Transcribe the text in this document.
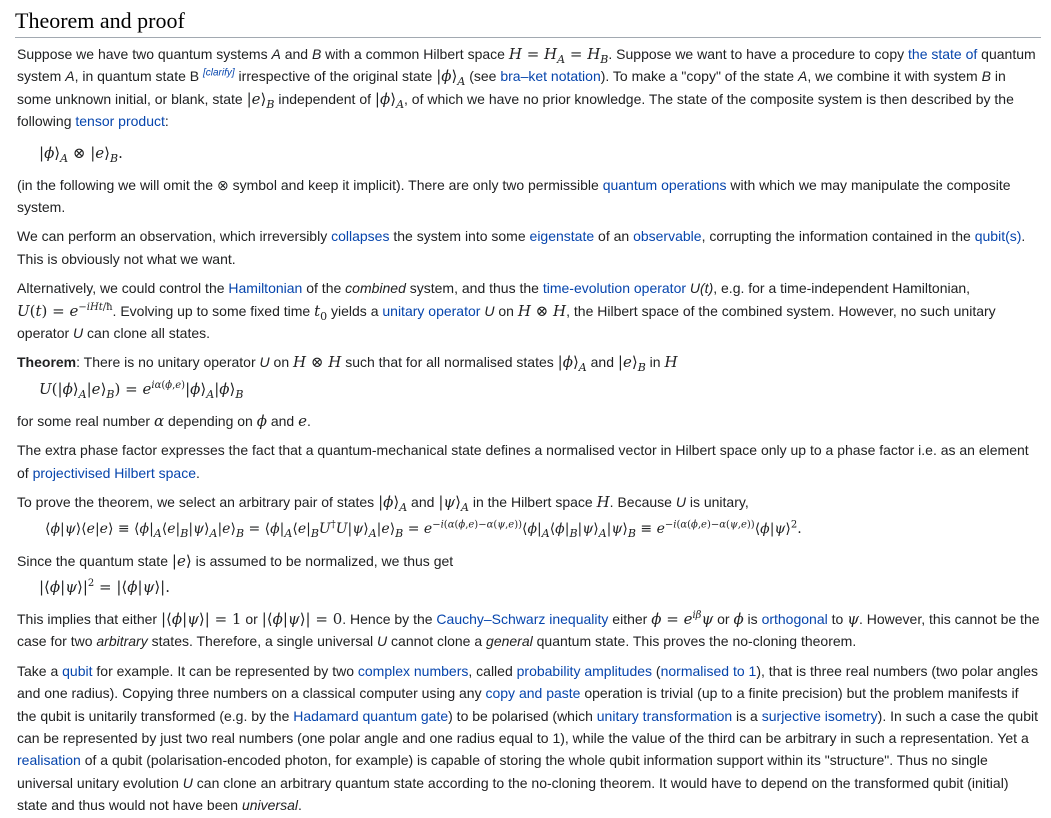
Theorem and proof

Suppose we have two quantum systems A and B with a common Hilbert space $H = H_A = H_B$. Suppose we want to have a procedure to copy the state of quantum system A, in quantum state B [clarify] irrespective of the original state $|\phi⟩_A$ (see bra–ket notation). To make a "copy" of the state A, we combine it with system B in some unknown initial, or blank, state $|e⟩_B$ independent of $|\phi⟩_A$, of which we have no prior knowledge. The state of the composite system is then described by the following tensor product:

$|\phi⟩_A$ ⊗ $|e⟩_B$.

(in the following we will omit the ⊗ symbol and keep it implicit). There are only two permissible quantum operations with which we may manipulate the composite system.

We can perform an observation, which irreversibly collapses the system into some eigenstate of an observable, corrupting the information contained in the qubit(s). This is obviously not what we want.

Alternatively, we could control the Hamiltonian of the combined system, and thus the time-evolution operator U(t), e.g. for a time-independent Hamiltonian, $U(t) = e^{-iHt/ħ}$. Evolving up to some fixed time $t_0$ yields a unitary operator U on H ⊗ H, the Hilbert space of the combined system. However, no such unitary operator U can clone all states.

Theorem: There is no unitary operator U on H ⊗ H such that for all normalised states $|\phi⟩_A$ and $|e⟩_B$ in H

$U(|\phi⟩_A|e⟩_B)$ = $e^{i\alpha(\phi,e)}|\phi⟩_A|\phi⟩_B$

for some real number α depending on ϕ and e.

The extra phase factor expresses the fact that a quantum-mechanical state defines a normalised vector in Hilbert space only up to a phase factor i.e. as an element of projectivised Hilbert space.

To prove the theorem, we select an arbitrary pair of states $|\phi⟩_A$ and $|\psi⟩_A$ in the Hilbert space H. Because U is unitary,

⟨ϕ|ψ⟩⟨e|e⟩ ≡ $⟨\phi|_A⟨e|_B|\psi⟩_A|e⟩_B$ = $⟨\phi|_A⟨e|_BU^\dagger U|\psi⟩_A|e⟩_B$ = $e^{-i(\alpha(\phi,e)-\alpha(\psi,e))}⟨\phi|_A⟨\phi|_B|\psi⟩_A|\psi⟩_B$ ≡ $e^{-i(\alpha(\phi,e)-\alpha(\psi,e))}⟨\phi|\psi⟩^2$.

Since the quantum state |e⟩ is assumed to be normalized, we thus get

$|⟨\phi|\psi⟩|^2$ = |⟨ϕ|ψ⟩|.

This implies that either |⟨ϕ|ψ⟩| = 1 or |⟨ϕ|ψ⟩| = 0. Hence by the Cauchy–Schwarz inequality either $\phi = e^{i\beta}\psi$ or ϕ is orthogonal to ψ. However, this cannot be the case for two arbitrary states. Therefore, a single universal U cannot clone a general quantum state. This proves the no-cloning theorem.

Take a qubit for example. It can be represented by two complex numbers, called probability amplitudes (normalised to 1), that is three real numbers (two polar angles and one radius). Copying three numbers on a classical computer using any copy and paste operation is trivial (up to a finite precision) but the problem manifests if the qubit is unitarily transformed (e.g. by the Hadamard quantum gate) to be polarised (which unitary transformation is a surjective isometry). In such a case the qubit can be represented by just two real numbers (one polar angle and one radius equal to 1), while the value of the third can be arbitrary in such a representation. Yet a realisation of a qubit (polarisation-encoded photon, for example) is capable of storing the whole qubit information support within its "structure". Thus no single universal unitary evolution U can clone an arbitrary quantum state according to the no-cloning theorem. It would have to depend on the transformed qubit (initial) state and thus would not have been universal.
